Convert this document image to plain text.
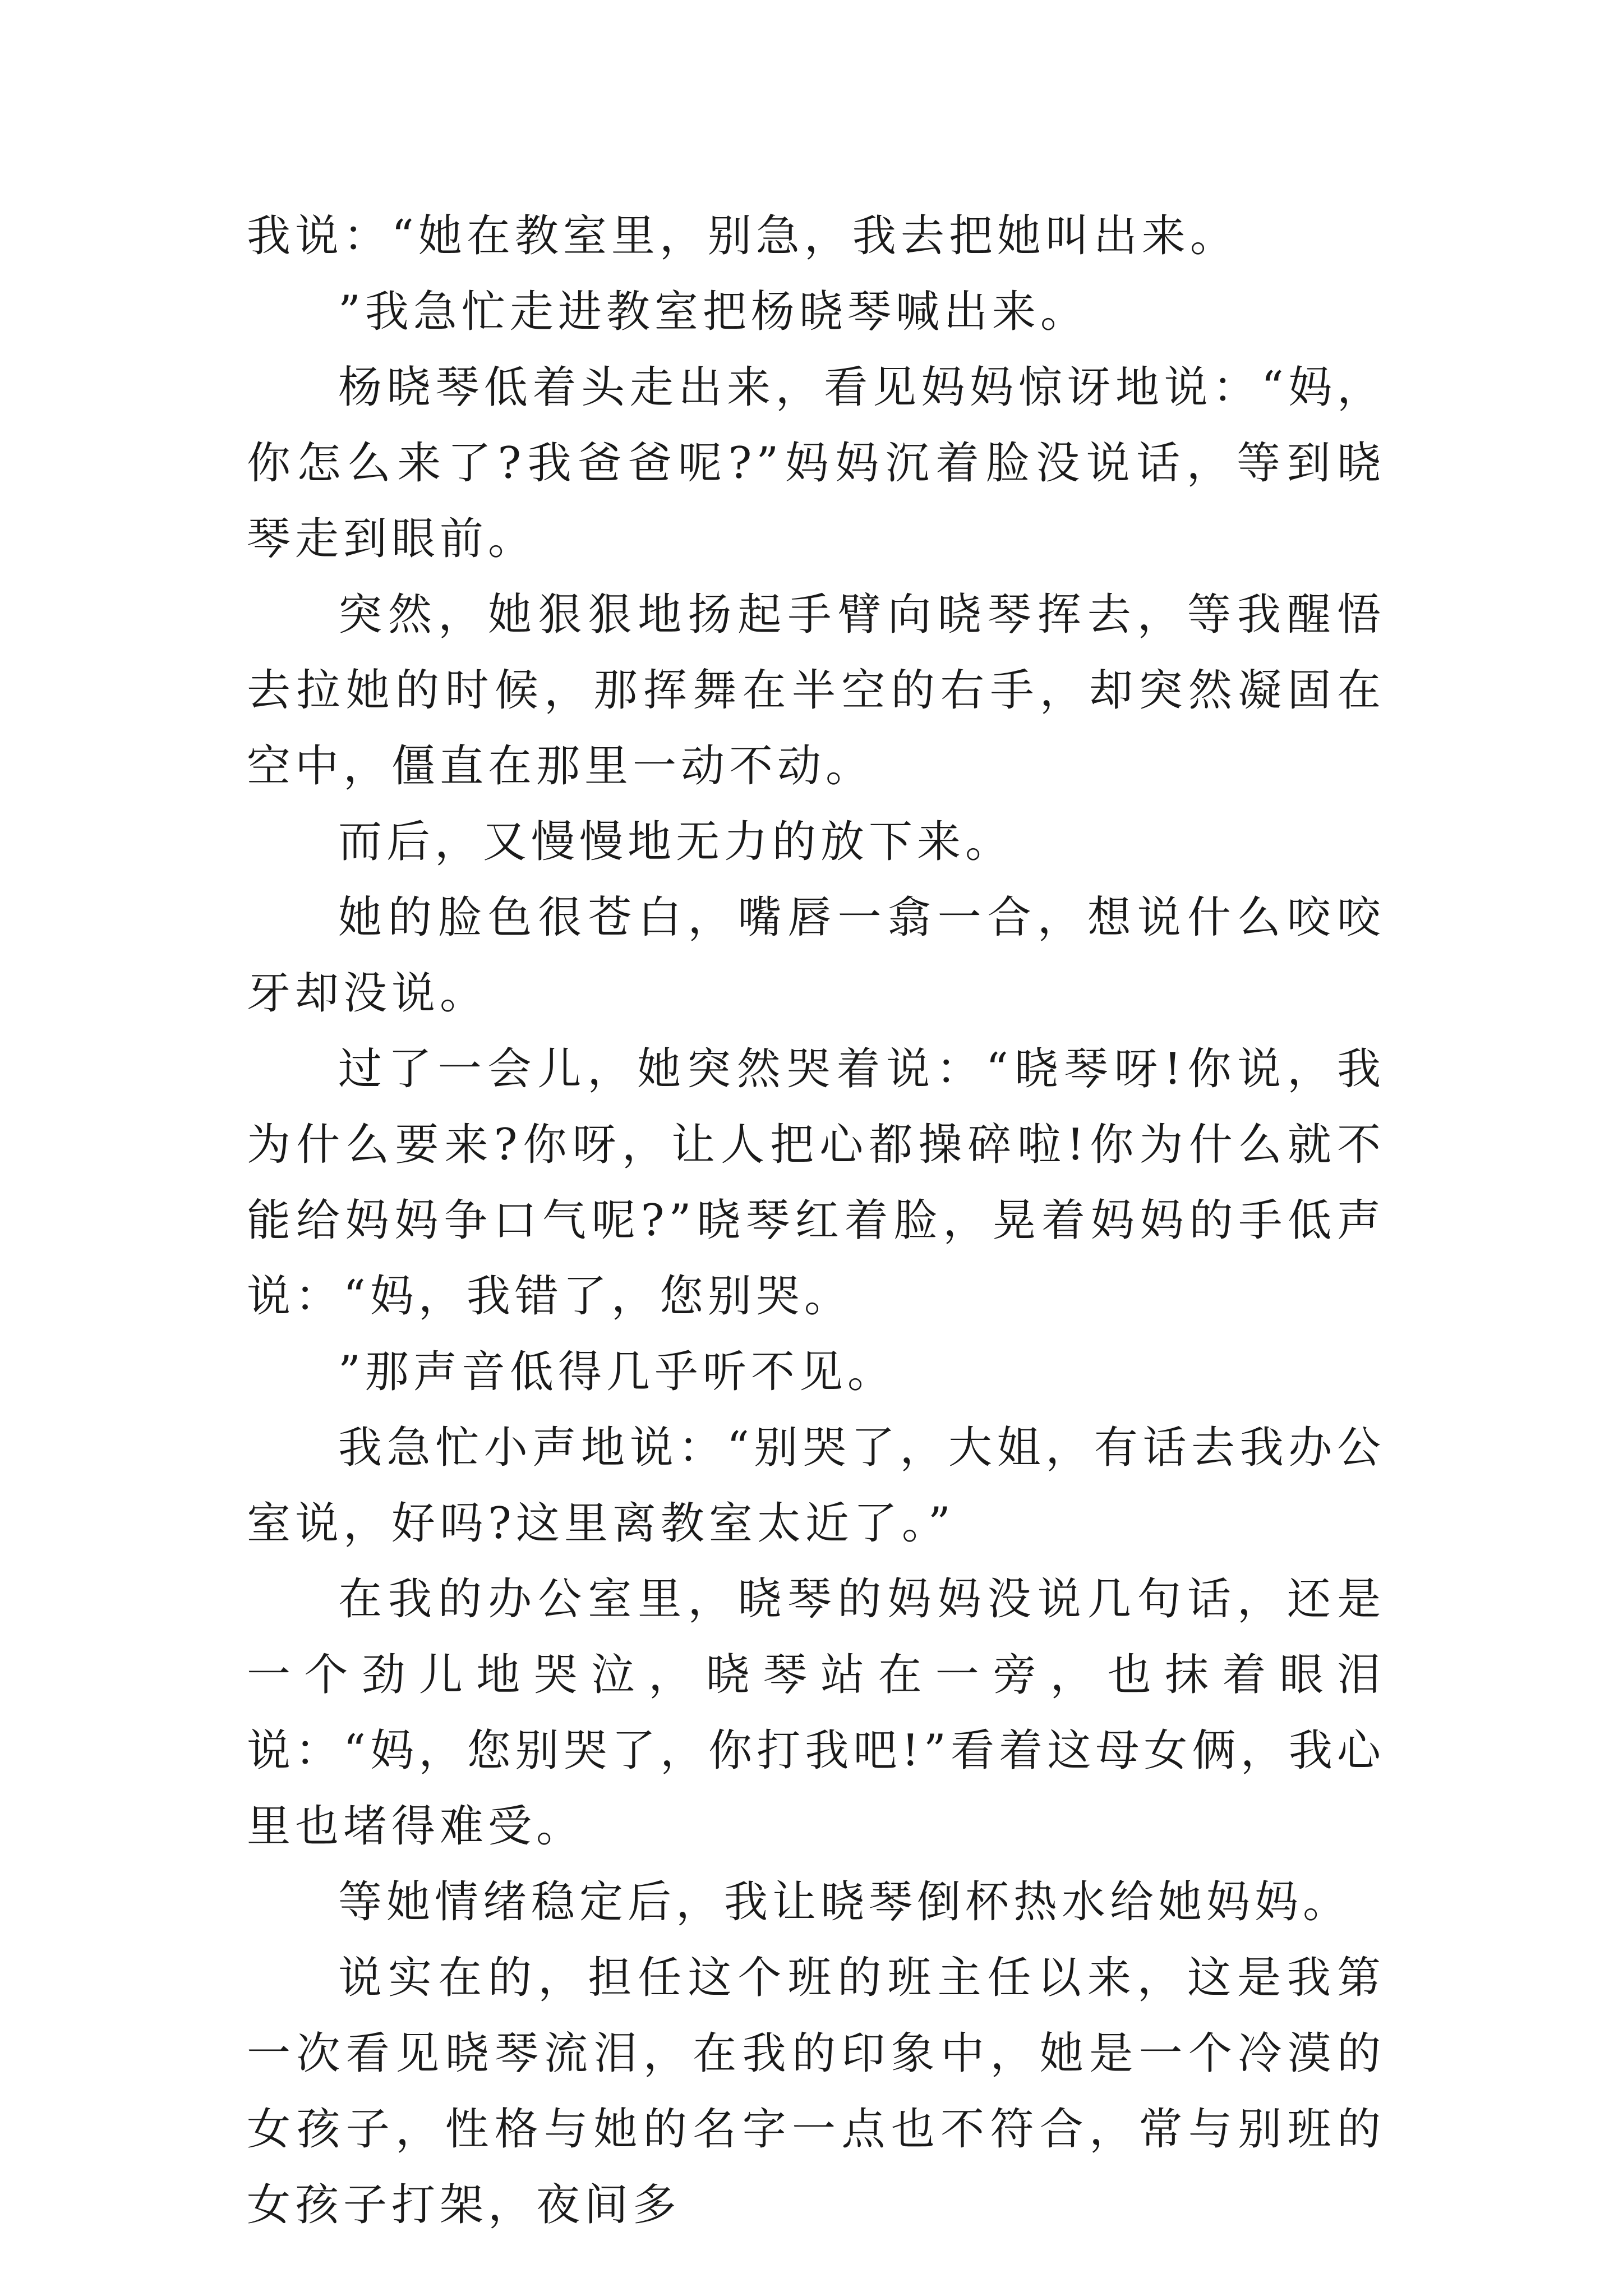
我说：“她在教室里，别急，我去把她叫出来。

”我急忙走进教室把杨晓琴喊出来。

杨晓琴低着头走出来，看见妈妈惊讶地说：“妈，你怎么来了?我爸爸呢?”妈妈沉着脸没说话，等到晓琴走到眼前。

突然，她狠狠地扬起手臂向晓琴挥去，等我醒悟去拉她的时候，那挥舞在半空的右手，却突然凝固在空中，僵直在那里一动不动。

而后，又慢慢地无力的放下来。

她的脸色很苍白，嘴唇一翕一合，想说什么咬咬牙却没说。

过了一会儿，她突然哭着说：“晓琴呀!你说，我为什么要来?你呀，让人把心都操碎啦!你为什么就不能给妈妈争口气呢?”晓琴红着脸，晃着妈妈的手低声说：“妈，我错了，您别哭。

”那声音低得几乎听不见。

我急忙小声地说：“别哭了，大姐，有话去我办公室说，好吗?这里离教室太近了。”

在我的办公室里，晓琴的妈妈没说几句话，还是一个劲儿地哭泣，晓琴站在一旁，也抹着眼泪说：“妈，您别哭了，你打我吧!”看着这母女俩，我心里也堵得难受。

等她情绪稳定后，我让晓琴倒杯热水给她妈妈。

说实在的，担任这个班的班主任以来，这是我第一次看见晓琴流泪，在我的印象中，她是一个冷漠的女孩子，性格与她的名字一点也不符合，常与别班的女孩子打架，夜间多
